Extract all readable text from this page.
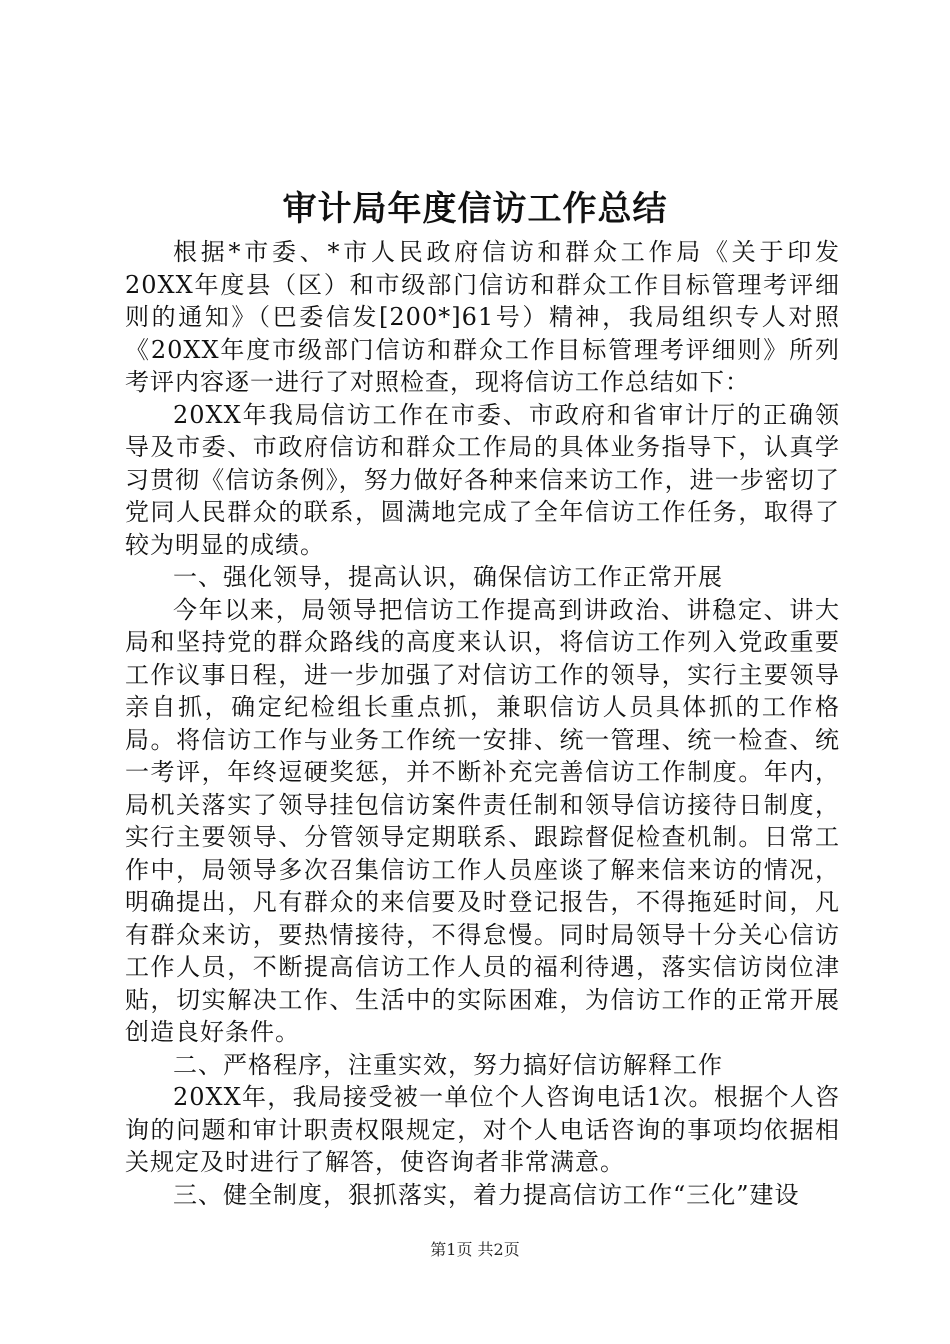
审计局年度信访工作总结

根据*市委、*市人民政府信访和群众工作局《关于印发20XX年度县（区）和市级部门信访和群众工作目标管理考评细则的通知》（巴委信发[200*]61号）精神，我局组织专人对照《20XX年度市级部门信访和群众工作目标管理考评细则》所列考评内容逐一进行了对照检查，现将信访工作总结如下：

20XX年我局信访工作在市委、市政府和省审计厅的正确领导及市委、市政府信访和群众工作局的具体业务指导下，认真学习贯彻《信访条例》，努力做好各种来信来访工作，进一步密切了党同人民群众的联系，圆满地完成了全年信访工作任务，取得了较为明显的成绩。

一、强化领导，提高认识，确保信访工作正常开展

今年以来，局领导把信访工作提高到讲政治、讲稳定、讲大局和坚持党的群众路线的高度来认识，将信访工作列入党政重要工作议事日程，进一步加强了对信访工作的领导，实行主要领导亲自抓，确定纪检组长重点抓，兼职信访人员具体抓的工作格局。将信访工作与业务工作统一安排、统一管理、统一检查、统一考评，年终逗硬奖惩，并不断补充完善信访工作制度。年内，局机关落实了领导挂包信访案件责任制和领导信访接待日制度，实行主要领导、分管领导定期联系、跟踪督促检查机制。日常工作中，局领导多次召集信访工作人员座谈了解来信来访的情况，明确提出，凡有群众的来信要及时登记报告，不得拖延时间，凡有群众来访，要热情接待，不得怠慢。同时局领导十分关心信访工作人员，不断提高信访工作人员的福利待遇，落实信访岗位津贴，切实解决工作、生活中的实际困难，为信访工作的正常开展创造良好条件。

二、严格程序，注重实效，努力搞好信访解释工作

20XX年，我局接受被一单位个人咨询电话1次。根据个人咨询的问题和审计职责权限规定，对个人电话咨询的事项均依据相关规定及时进行了解答，使咨询者非常满意。

三、健全制度，狠抓落实，着力提高信访工作“三化”建设

第1页 共2页
